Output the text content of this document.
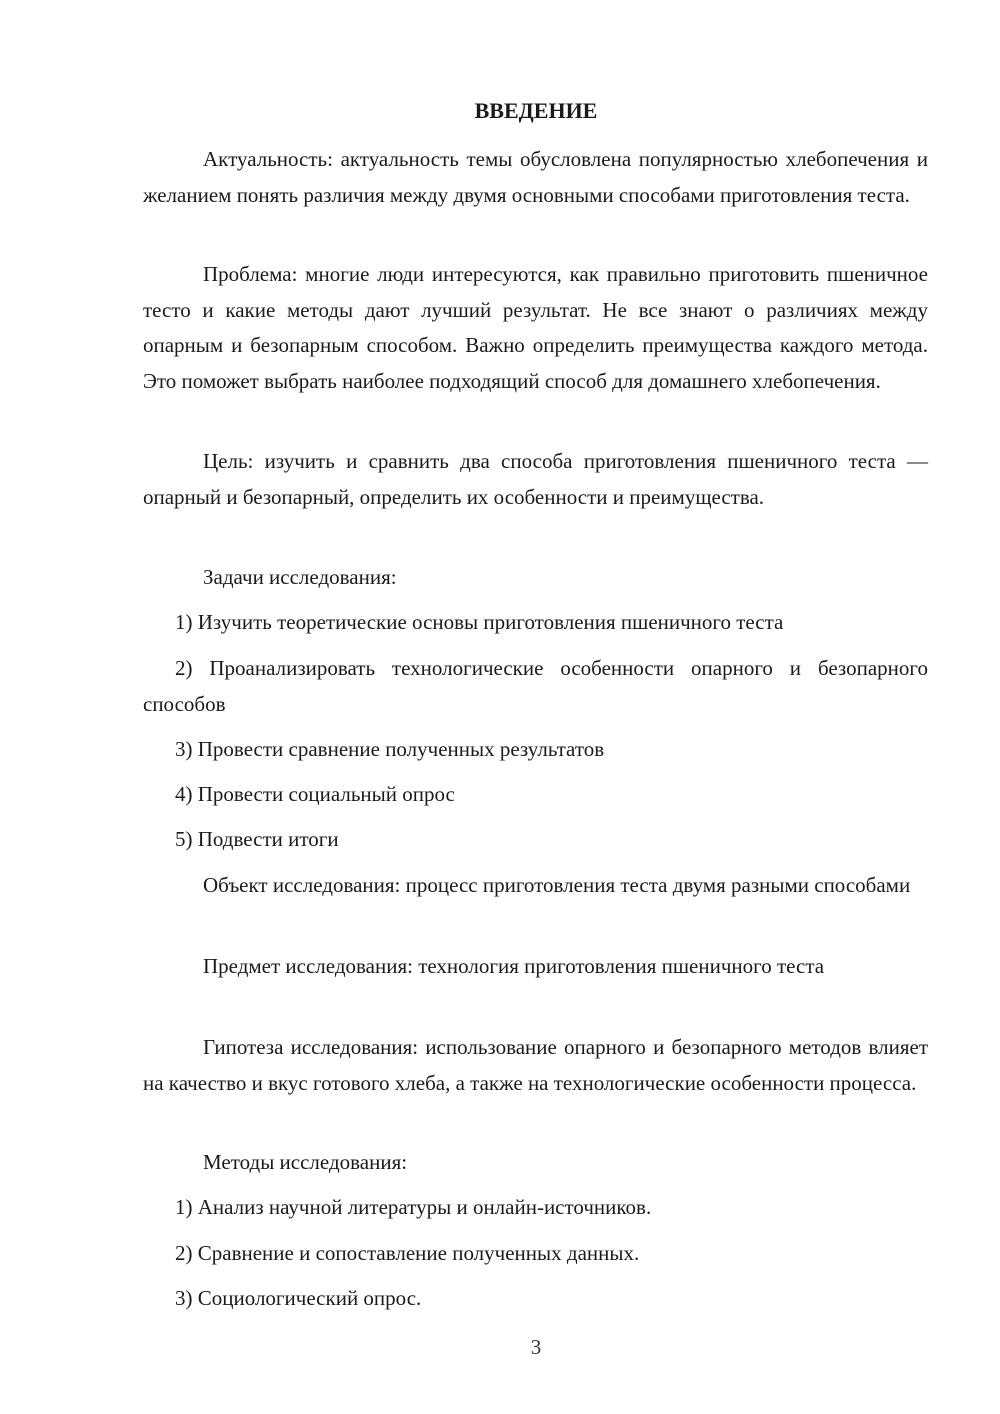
ВВЕДЕНИЕ

Актуальность: актуальность темы обусловлена популярностью хлебопечения и желанием понять различия между двумя основными способами приготовления теста.

Проблема: многие люди интересуются, как правильно приготовить пшеничное тесто и какие методы дают лучший результат. Не все знают о различиях между опарным и безопарным способом. Важно определить преимущества каждого метода. Это поможет выбрать наиболее подходящий способ для домашнего хлебопечения.

Цель: изучить и сравнить два способа приготовления пшеничного теста — опарный и безопарный, определить их особенности и преимущества.

Задачи исследования:

1) Изучить теоретические основы приготовления пшеничного теста

2) Проанализировать технологические особенности опарного и безопарного способов

3) Провести сравнение полученных результатов

4) Провести социальный опрос

5) Подвести итоги

Объект исследования: процесс приготовления теста двумя разными способами

Предмет исследования: технология приготовления пшеничного теста

Гипотеза исследования: использование опарного и безопарного методов влияет на качество и вкус готового хлеба, а также на технологические особенности процесса.

Методы исследования:

1) Анализ научной литературы и онлайн-источников.

2) Сравнение и сопоставление полученных данных.

3) Социологический опрос.

3
